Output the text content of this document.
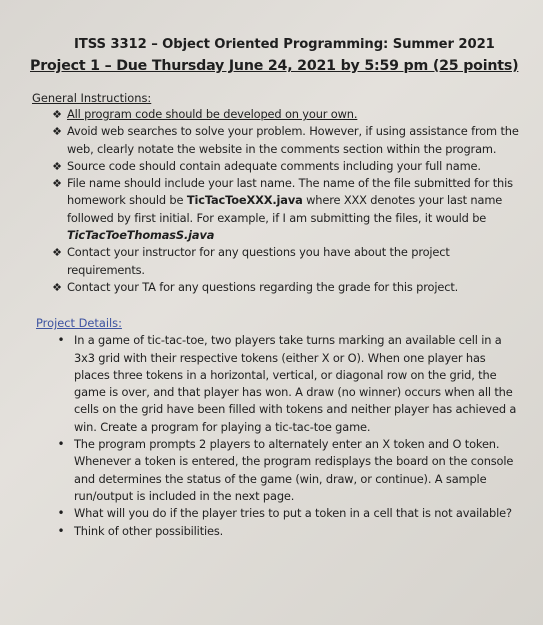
ITSS 3312 – Object Oriented Programming: Summer 2021
Project 1 – Due Thursday June 24, 2021 by 5:59 pm (25 points)
General Instructions:
❖ All program code should be developed on your own.
❖ Avoid web searches to solve your problem. However, if using assistance from the web, clearly notate the website in the comments section within the program.
❖ Source code should contain adequate comments including your full name.
❖ File name should include your last name. The name of the file submitted for this homework should be TicTacToeXXX.java where XXX denotes your last name followed by first initial. For example, if I am submitting the files, it would be TicTacToeThomasS.java
❖ Contact your instructor for any questions you have about the project requirements.
❖ Contact your TA for any questions regarding the grade for this project.
Project Details:
• In a game of tic-tac-toe, two players take turns marking an available cell in a 3x3 grid with their respective tokens (either X or O). When one player has places three tokens in a horizontal, vertical, or diagonal row on the grid, the game is over, and that player has won. A draw (no winner) occurs when all the cells on the grid have been filled with tokens and neither player has achieved a win. Create a program for playing a tic-tac-toe game.
• The program prompts 2 players to alternately enter an X token and O token. Whenever a token is entered, the program redisplays the board on the console and determines the status of the game (win, draw, or continue). A sample run/output is included in the next page.
• What will you do if the player tries to put a token in a cell that is not available?
• Think of other possibilities.
